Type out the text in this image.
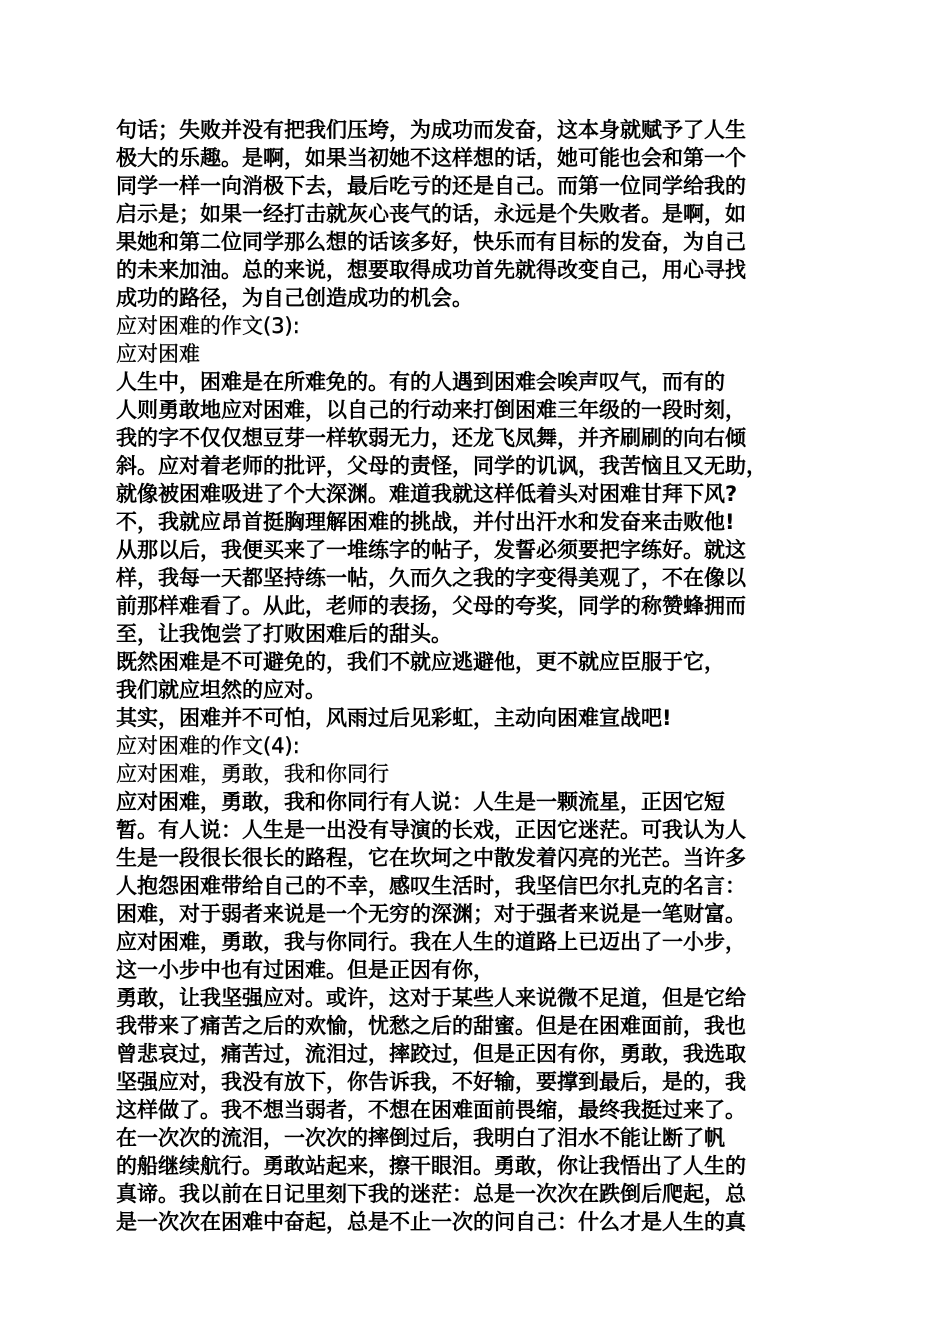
句话；失败并没有把我们压垮，为成功而发奋，这本身就赋予了人生
极大的乐趣。是啊，如果当初她不这样想的话，她可能也会和第一个
同学一样一向消极下去，最后吃亏的还是自己。而第一位同学给我的
启示是；如果一经打击就灰心丧气的话，永远是个失败者。是啊，如
果她和第二位同学那么想的话该多好，快乐而有目标的发奋，为自己
的未来加油。总的来说，想要取得成功首先就得改变自己，用心寻找
成功的路径，为自己创造成功的机会。
应对困难的作文(3):
应对困难
人生中，困难是在所难免的。有的人遇到困难会唉声叹气，而有的
人则勇敢地应对困难，以自己的行动来打倒困难三年级的一段时刻，
我的字不仅仅想豆芽一样软弱无力，还龙飞凤舞，并齐刷刷的向右倾
斜。应对着老师的批评，父母的责怪，同学的讥讽，我苦恼且又无助，
就像被困难吸进了个大深渊。难道我就这样低着头对困难甘拜下风?
不，我就应昂首挺胸理解困难的挑战，并付出汗水和发奋来击败他!
从那以后，我便买来了一堆练字的帖子，发誓必须要把字练好。就这
样，我每一天都坚持练一帖，久而久之我的字变得美观了，不在像以
前那样难看了。从此，老师的表扬，父母的夸奖，同学的称赞蜂拥而
至，让我饱尝了打败困难后的甜头。
既然困难是不可避免的，我们不就应逃避他，更不就应臣服于它，
我们就应坦然的应对。
其实，困难并不可怕，风雨过后见彩虹，主动向困难宣战吧!
应对困难的作文(4):
应对困难，勇敢，我和你同行
应对困难，勇敢，我和你同行有人说：人生是一颗流星，正因它短
暂。有人说：人生是一出没有导演的长戏，正因它迷茫。可我认为人
生是一段很长很长的路程，它在坎坷之中散发着闪亮的光芒。当许多
人抱怨困难带给自己的不幸，感叹生活时，我坚信巴尔扎克的名言：
困难，对于弱者来说是一个无穷的深渊；对于强者来说是一笔财富。
应对困难，勇敢，我与你同行。我在人生的道路上已迈出了一小步，
这一小步中也有过困难。但是正因有你，
勇敢，让我坚强应对。或许，这对于某些人来说微不足道，但是它给
我带来了痛苦之后的欢愉，忧愁之后的甜蜜。但是在困难面前，我也
曾悲哀过，痛苦过，流泪过，摔跤过，但是正因有你，勇敢，我选取
坚强应对，我没有放下，你告诉我，不好输，要撑到最后，是的，我
这样做了。我不想当弱者，不想在困难面前畏缩，最终我挺过来了。
在一次次的流泪，一次次的摔倒过后，我明白了泪水不能让断了帆
的船继续航行。勇敢站起来，擦干眼泪。勇敢，你让我悟出了人生的
真谛。我以前在日记里刻下我的迷茫：总是一次次在跌倒后爬起，总
是一次次在困难中奋起，总是不止一次的问自己：什么才是人生的真
